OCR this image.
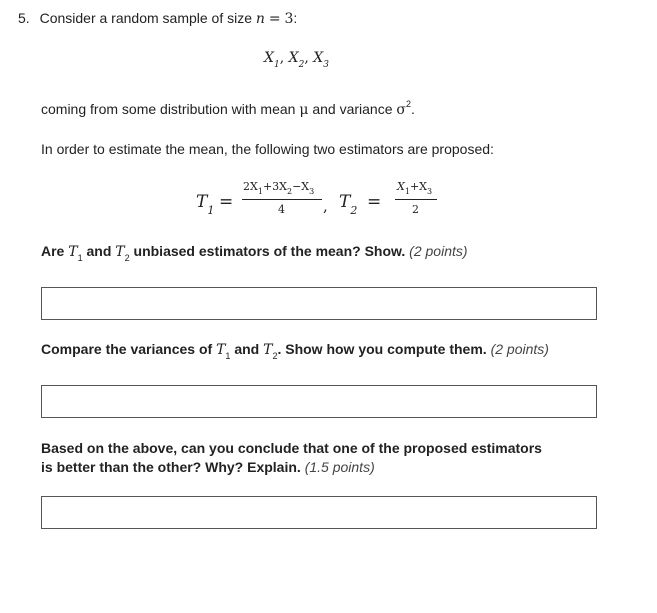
5. Consider a random sample of size n = 3:
$X_1$, $X_2$, $X_3$
coming from some distribution with mean μ and variance $\sigma^2$.
In order to estimate the mean, the following two estimators are proposed:
$T_1$ =
$2X_1+3X_2-X_3$
4	, $T_2$ =
$X_1+X_3$
2
Are $T_1$ and $T_2$ unbiased estimators of the mean? Show. (2 points)
Compare the variances of $T_1$ and $T_2$. Show how you compute them. (2 points)
Based on the above, can you conclude that one of the proposed estimators
is better than the other? Why? Explain. (1.5 points)
